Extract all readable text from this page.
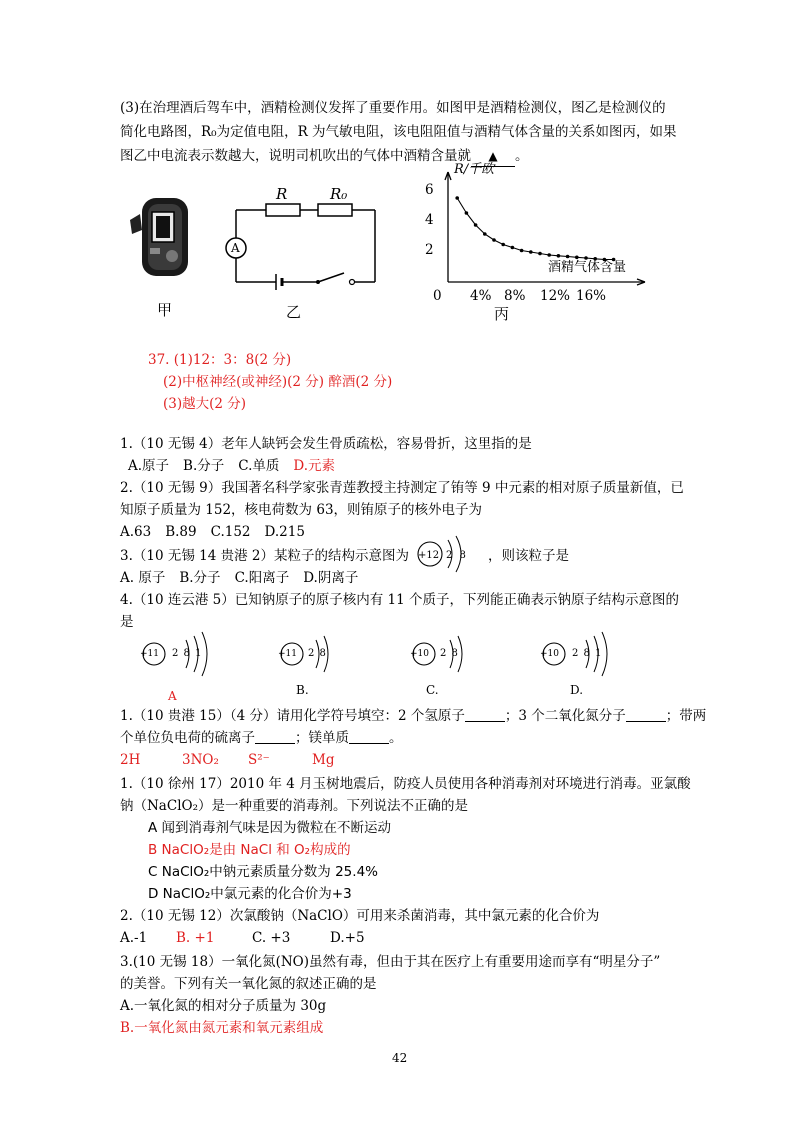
(3)在治理酒后驾车中，酒精检测仪发挥了重要作用。如图甲是酒精检测仪，图乙是检测仪的
简化电路图，R₀为定值电阻，R 为气敏电阻，该电阻阻值与酒精气体含量的关系如图丙，如果
图乙中电流表示数越大，说明司机吹出的气体中酒精含量就 ▲ 。
甲
R	R₀
A
乙
R/千欧
6
4
2
酒精气体含量
0 4% 8% 12% 16%
丙
37. (1)12：3：8(2 分)
(2)中枢神经(或神经)(2 分) 醉酒(2 分)
(3)越大(2 分)
1.（10 无锡 4）老年人缺钙会发生骨质疏松，容易骨折，这里指的是
A.原子 B.分子 C.单质 D.元素
2.（10 无锡 9）我国著名科学家张青莲教授主持测定了铕等 9 中元素的相对原子质量新值，已
知原子质量为 152，核电荷数为 63，则铕原子的核外电子为
A.63 B.89 C.152 D.215
3.（10 无锡 14 贵港 2）某粒子的结构示意图为 +12 2 8 ，则该粒子是
A. 原子 B.分子 C.阳离子 D.阴离子
4.（10 连云港 5）已知钠原子的原子核内有 11 个质子，下列能正确表示钠原子结构示意图的
是
+11 2 8 1
A
+11 2 8
B.
+10 2 8
C.
+10 2 8 1
D.
1.（10 贵港 15）（4 分）请用化学符号填空：2 个氢原子	；3 个二氧化氮分子	；带两
个单位负电荷的硫离子	；镁单质	。
2H	3NO₂ S²⁻	Mg
1.（10 徐州 17）2010 年 4 月玉树地震后，防疫人员使用各种消毒剂对环境进行消毒。亚氯酸
钠（NaClO₂）是一种重要的消毒剂。下列说法不正确的是
A 闻到消毒剂气味是因为微粒在不断运动
B NaClO₂是由 NaCl 和 O₂构成的
C NaClO₂中钠元素质量分数为 25.4%
D NaClO₂中氯元素的化合价为+3
2.（10 无锡 12）次氯酸钠（NaClO）可用来杀菌消毒，其中氯元素的化合价为
A.-1 B. +1	C. +3	D.+5
3.(10 无锡 18）一氧化氮(NO)虽然有毒，但由于其在医疗上有重要用途而享有“明星分子”
的美誉。下列有关一氧化氮的叙述正确的是
A.一氧化氮的相对分子质量为 30g
B.一氧化氮由氮元素和氧元素组成
42
